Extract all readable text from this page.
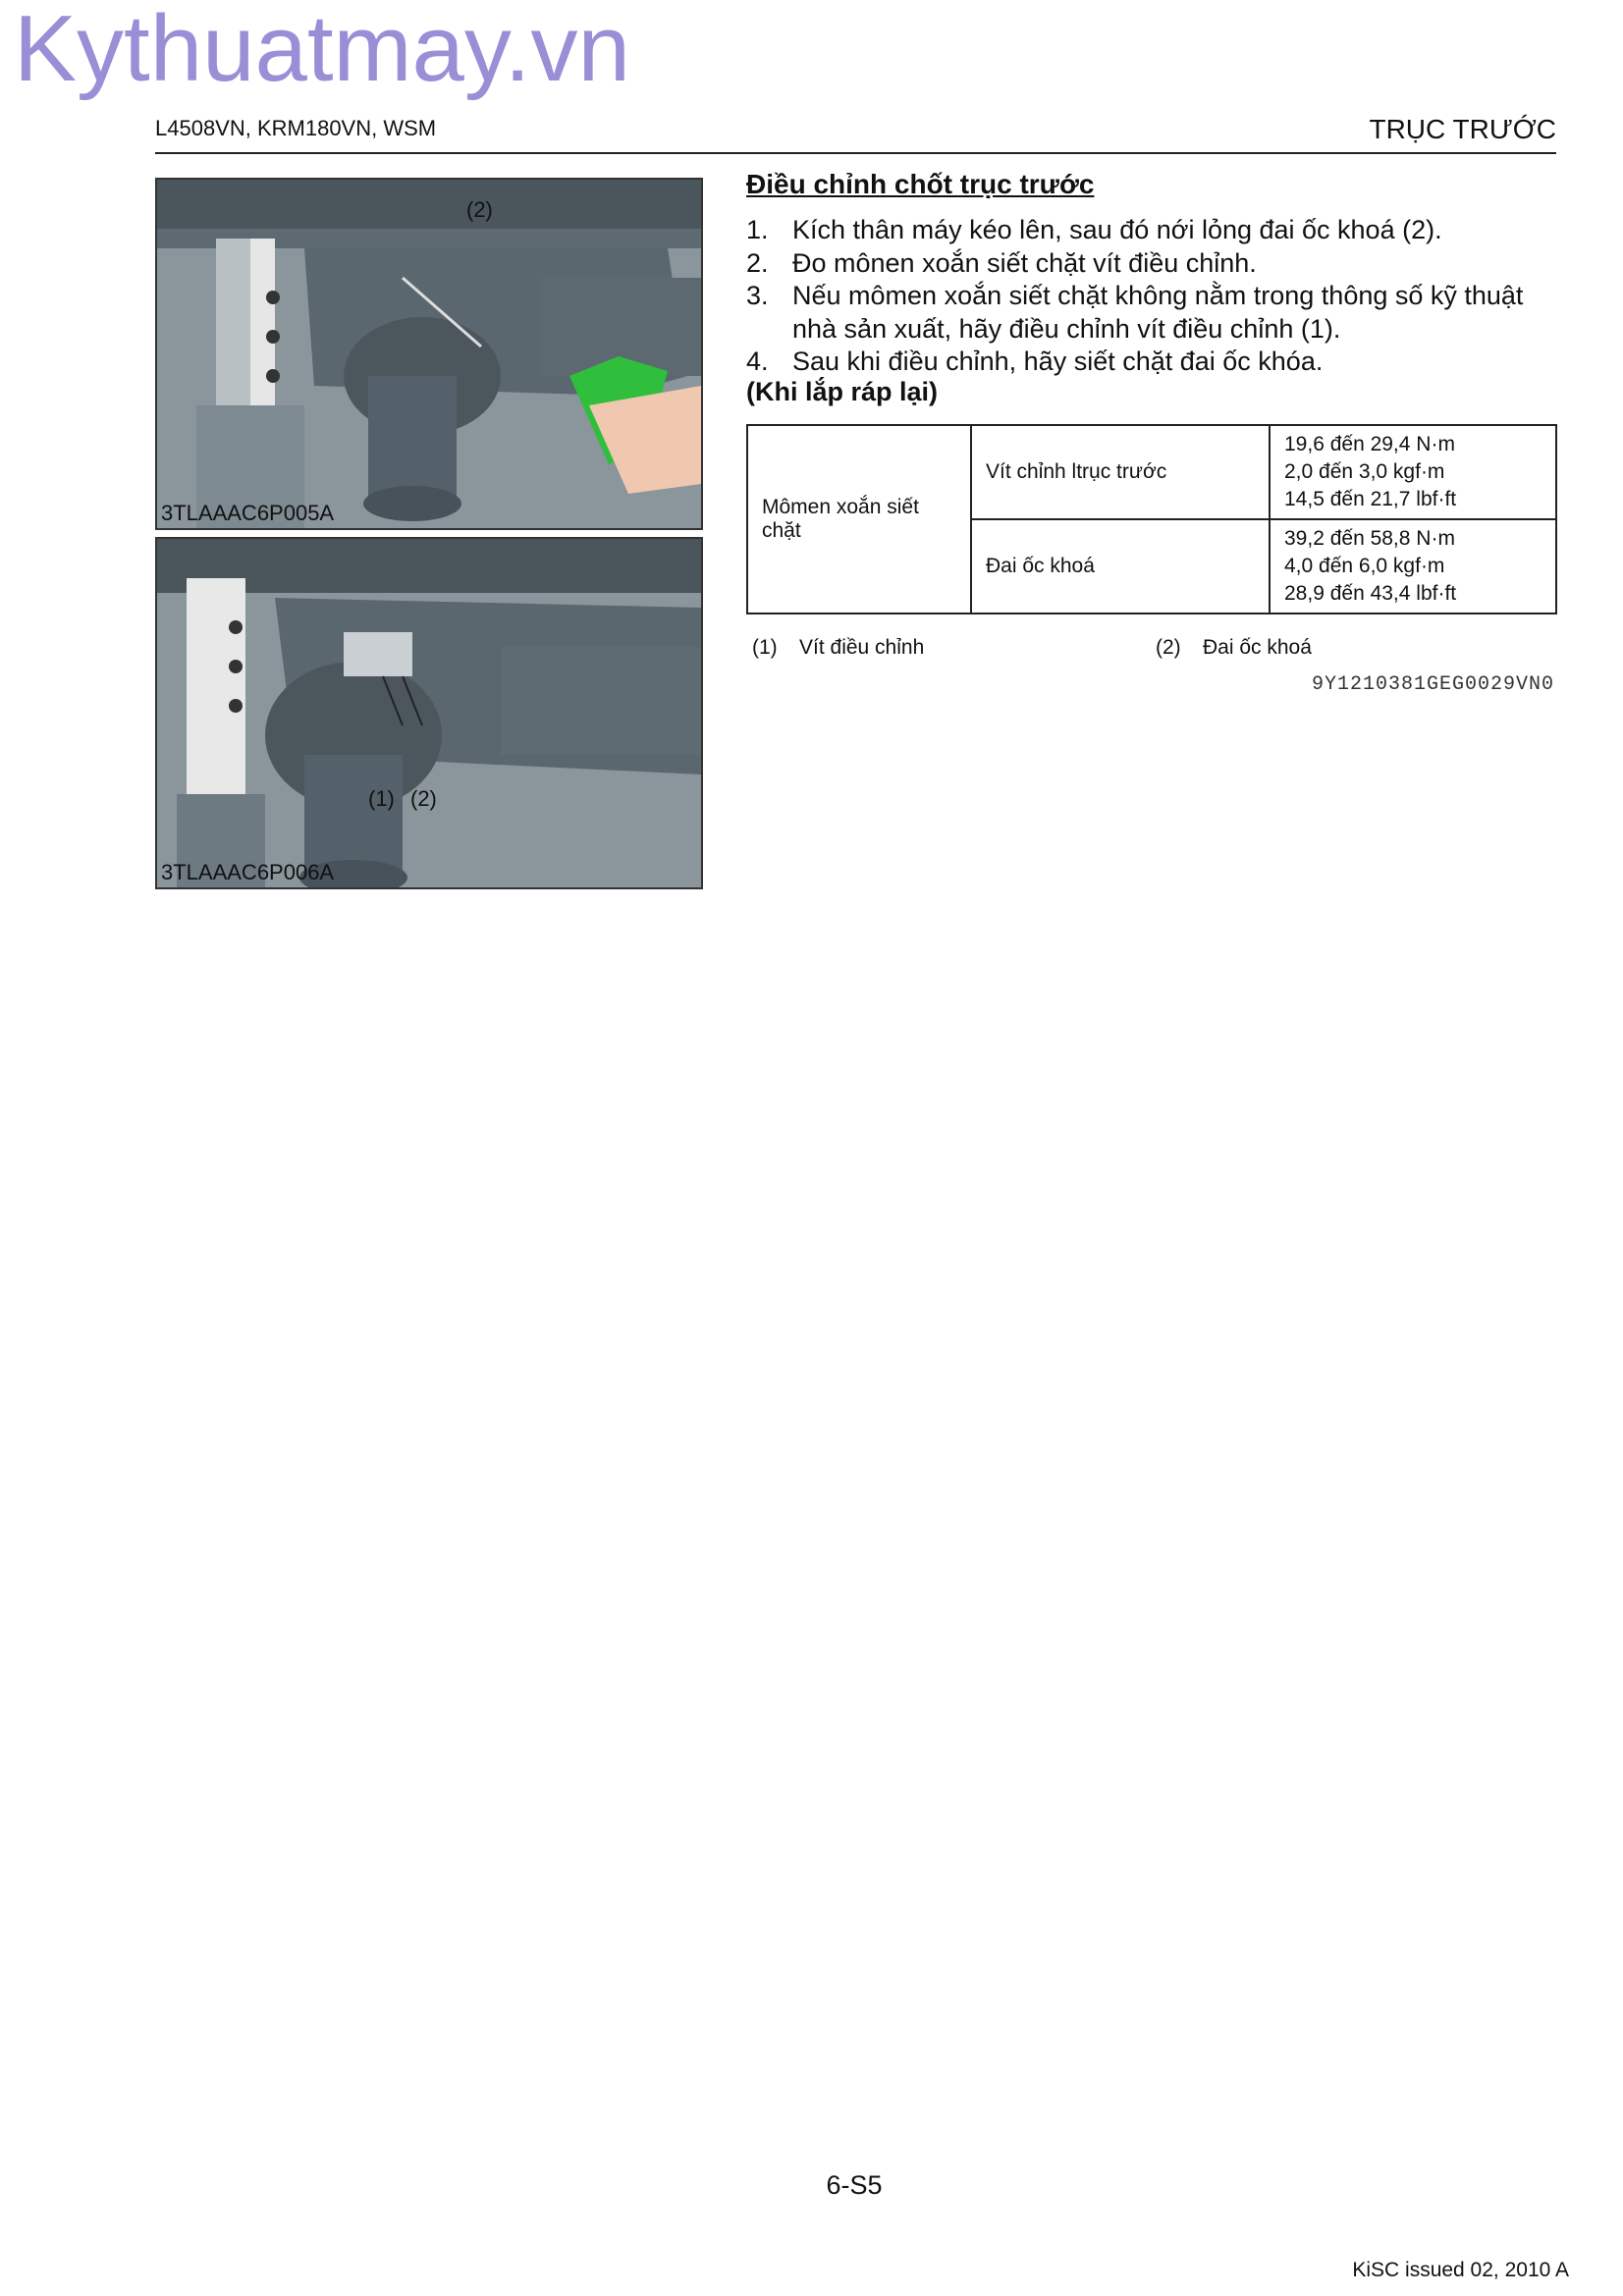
Kythuatmay.vn
L4508VN, KRM180VN, WSM	TRỤC TRƯỚC
(2)
3TLAAAC6P005A
(1) (2)
3TLAAAC6P006A
Điều chỉnh chốt trục trước
1. Kích thân máy kéo lên, sau đó nới lỏng đai ốc khoá (2).
2. Đo mônen xoắn siết chặt vít điều chỉnh.
3. Nếu mômen xoắn siết chặt không nằm trong thông số kỹ thuật nhà sản xuất, hãy điều chỉnh vít điều chỉnh (1).
4. Sau khi điều chỉnh, hãy siết chặt đai ốc khóa.
(Khi lắp ráp lại)
Mômen xoắn siết chặt	Vít chỉnh ltrục trước	19,6 đến 29,4 N·m
2,0 đến 3,0 kgf·m
14,5 đến 21,7 lbf·ft

	Đai ốc khoá	39,2 đến 58,8 N·m
4,0 đến 6,0 kgf·m
28,9 đến 43,4 lbf·ft
(1) Vít điều chỉnh	(2) Đai ốc khoá
9Y1210381GEG0029VN0
6-S5
KiSC issued 02, 2010 A
